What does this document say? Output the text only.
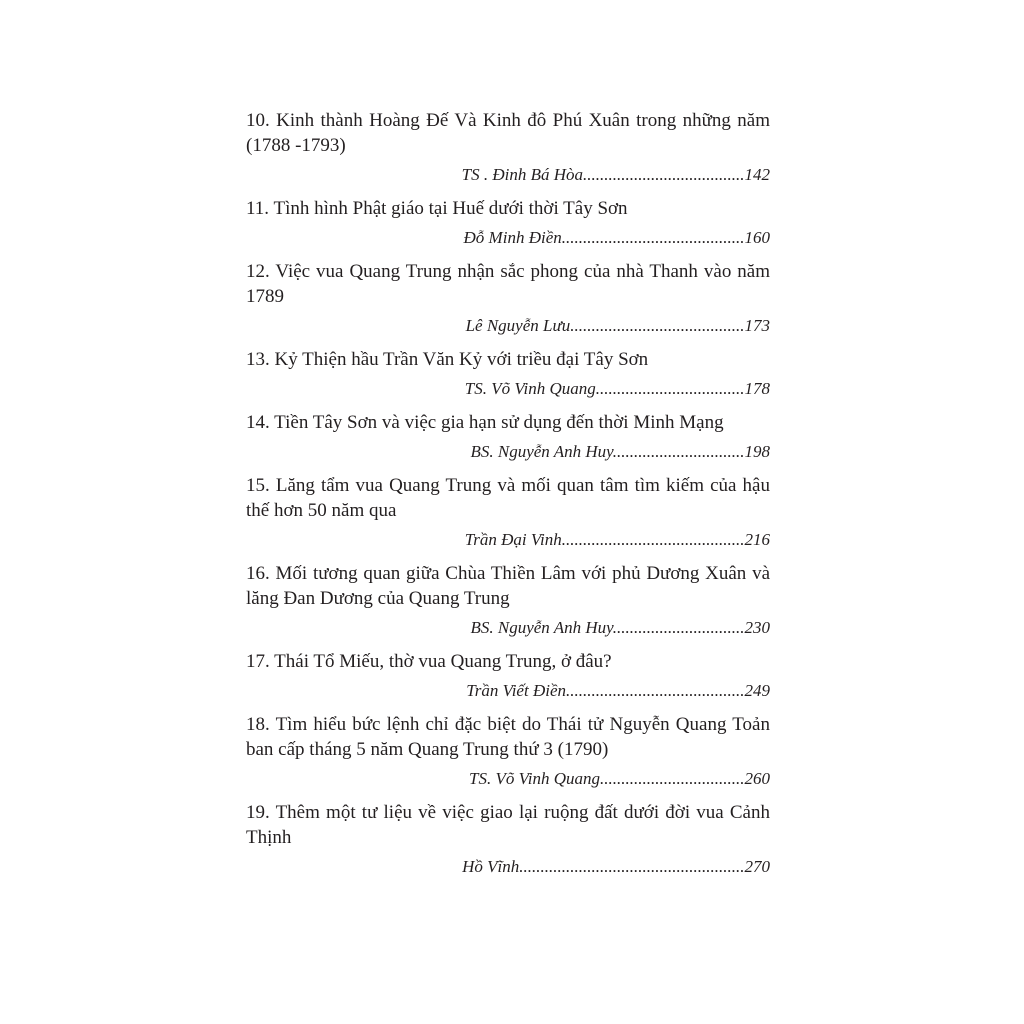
10. Kinh thành Hoàng Đế Và Kinh đô Phú Xuân trong những năm (1788 -1793)

TS . Đinh Bá Hòa......................................142

11. Tình hình Phật giáo tại Huế dưới thời Tây Sơn

Đỗ Minh Điền...........................................160

12. Việc vua Quang Trung nhận sắc phong của nhà Thanh vào năm 1789

Lê Nguyễn Lưu.........................................173

13. Kỷ Thiện hầu Trần Văn Kỷ với triều đại Tây Sơn

TS. Võ Vinh Quang...................................178

14. Tiền Tây Sơn và việc gia hạn sử dụng đến thời Minh Mạng

BS. Nguyễn Anh Huy...............................198

15. Lăng tẩm vua Quang Trung và mối quan tâm tìm kiếm của hậu thế hơn 50 năm qua

Trần Đại Vinh...........................................216

16. Mối tương quan giữa Chùa Thiền Lâm với phủ Dương Xuân và lăng Đan Dương của Quang Trung

BS. Nguyễn Anh Huy...............................230

17. Thái Tổ Miếu, thờ vua Quang Trung, ở đâu?

Trần Viết Điền..........................................249

18. Tìm hiểu bức lệnh chỉ đặc biệt do Thái tử Nguyễn Quang Toản ban cấp tháng 5 năm Quang Trung thứ 3 (1790)

TS. Võ Vinh Quang..................................260

19. Thêm một tư liệu về việc giao lại ruộng đất dưới đời vua Cảnh Thịnh

Hồ Vĩnh.....................................................270
